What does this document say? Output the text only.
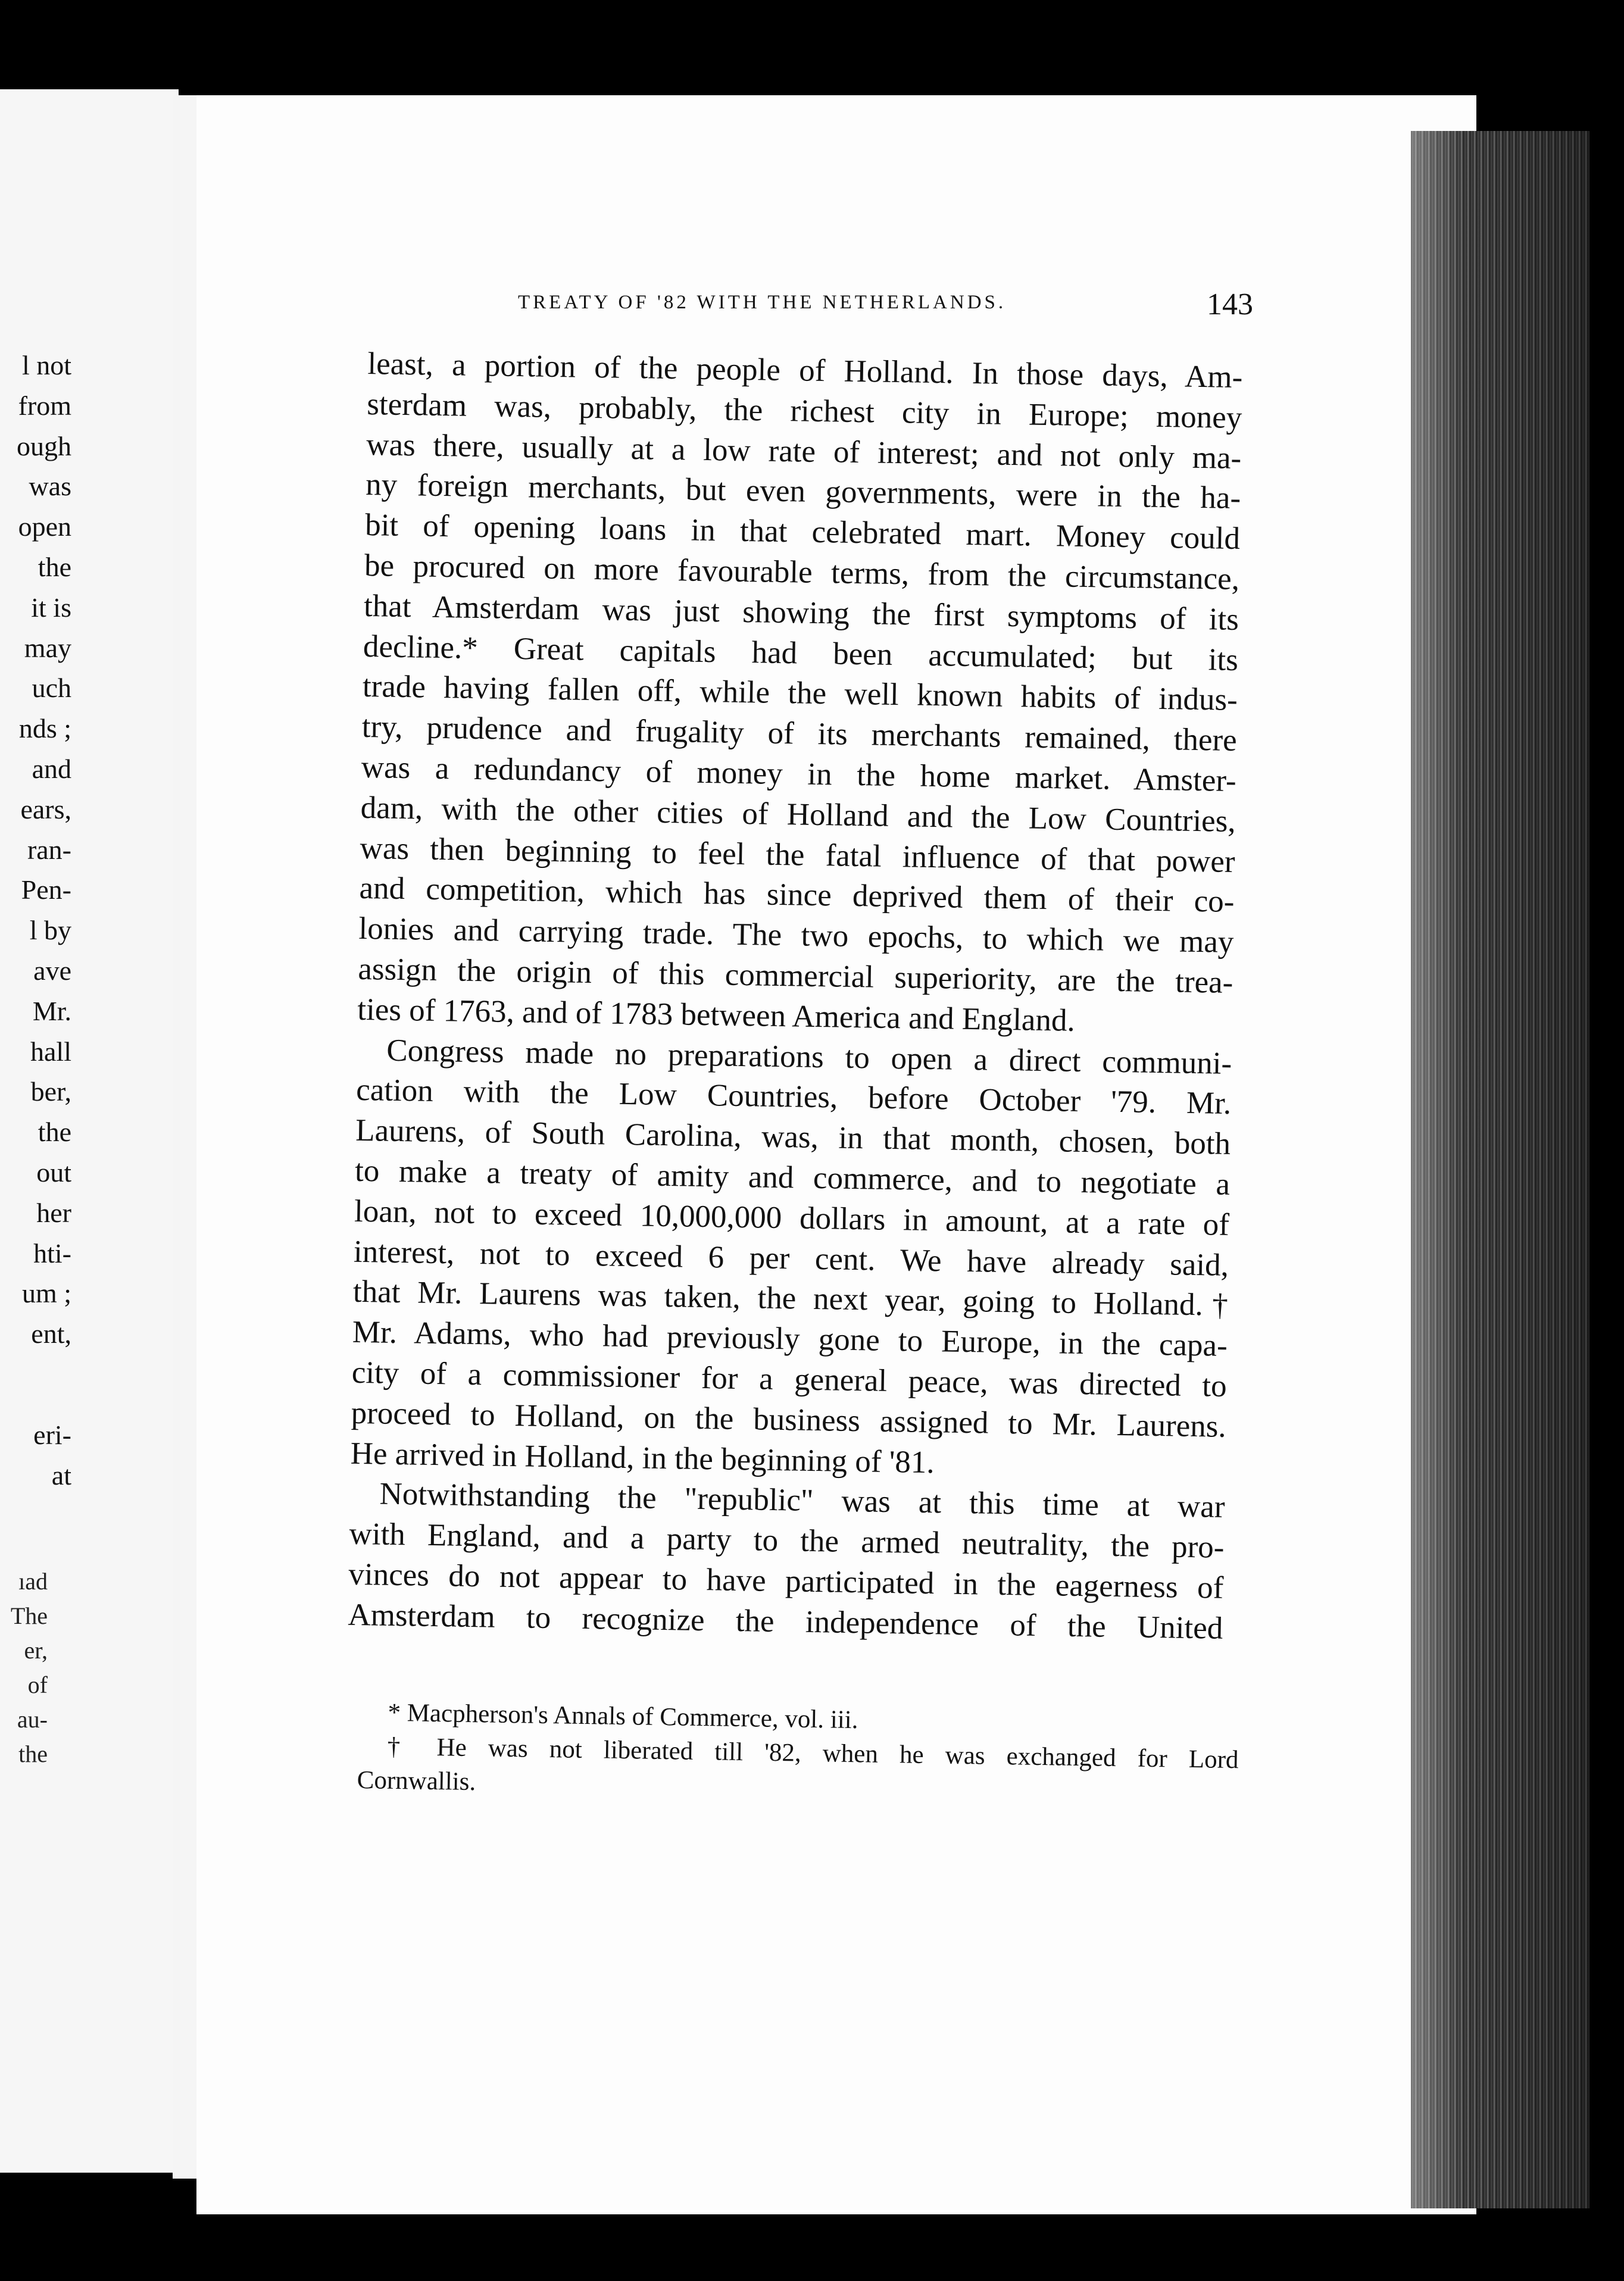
l not
from
ough
was
open
the
it is
may
uch
nds ;
and
ears,
ran-
Pen-
l by
ave
Mr.
hall
ber,
the
out
her
hti-
um ;
ent,
eri-
at
ıad
The
er,
of
au-
the
TREATY OF '82 WITH THE NETHERLANDS.	143
least, a portion of the people of Holland. In those days, Am-
sterdam was, probably, the richest city in Europe; money
was there, usually at a low rate of interest; and not only ma-
ny foreign merchants, but even governments, were in the ha-
bit of opening loans in that celebrated mart. Money could
be procured on more favourable terms, from the circumstance,
that Amsterdam was just showing the first symptoms of its
decline.* Great capitals had been accumulated; but its
trade having fallen off, while the well known habits of indus-
try, prudence and frugality of its merchants remained, there
was a redundancy of money in the home market. Amster-
dam, with the other cities of Holland and the Low Countries,
was then beginning to feel the fatal influence of that power
and competition, which has since deprived them of their co-
lonies and carrying trade. The two epochs, to which we may
assign the origin of this commercial superiority, are the trea-
ties of 1763, and of 1783 between America and England.
Congress made no preparations to open a direct communi-
cation with the Low Countries, before October '79. Mr.
Laurens, of South Carolina, was, in that month, chosen, both
to make a treaty of amity and commerce, and to negotiate a
loan, not to exceed 10,000,000 dollars in amount, at a rate of
interest, not to exceed 6 per cent. We have already said,
that Mr. Laurens was taken, the next year, going to Holland.†
Mr. Adams, who had previously gone to Europe, in the capa-
city of a commissioner for a general peace, was directed to
proceed to Holland, on the business assigned to Mr. Laurens.
He arrived in Holland, in the beginning of '81.
Notwithstanding the "republic" was at this time at war
with England, and a party to the armed neutrality, the pro-
vinces do not appear to have participated in the eagerness of
Amsterdam to recognize the independence of the United
* Macpherson's Annals of Commerce, vol. iii.
† He was not liberated till '82, when he was exchanged for Lord
Cornwallis.
